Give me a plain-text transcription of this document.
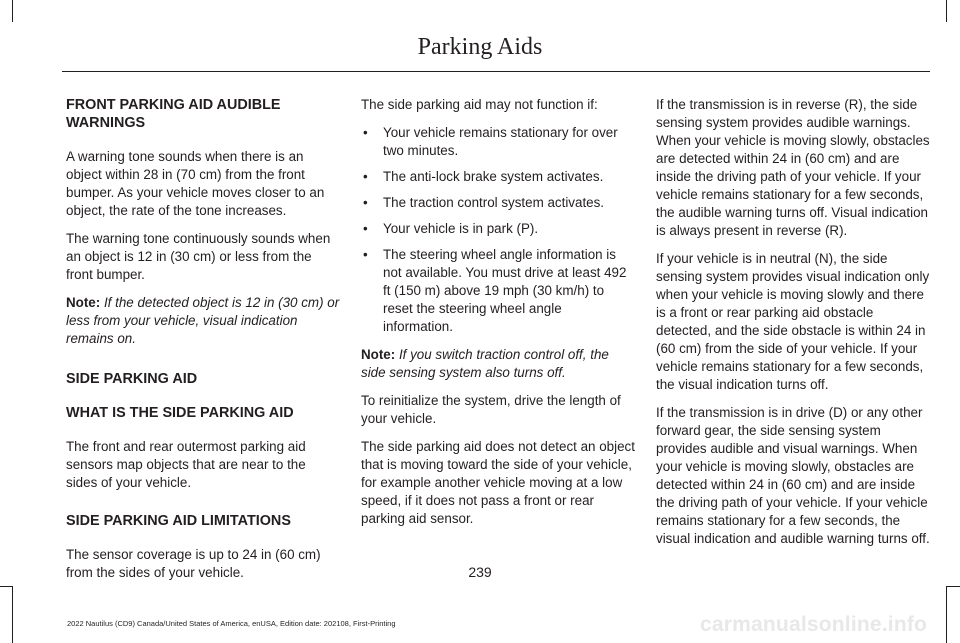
Parking Aids
FRONT PARKING AID AUDIBLE WARNINGS

A warning tone sounds when there is an object within 28 in (70 cm) from the front bumper. As your vehicle moves closer to an object, the rate of the tone increases.

The warning tone continuously sounds when an object is 12 in (30 cm) or less from the front bumper.

Note: If the detected object is 12 in (30 cm) or less from your vehicle, visual indication remains on.

SIDE PARKING AID
WHAT IS THE SIDE PARKING AID

The front and rear outermost parking aid sensors map objects that are near to the sides of your vehicle.

SIDE PARKING AID LIMITATIONS

The sensor coverage is up to 24 in (60 cm) from the sides of your vehicle.

The side parking aid may not function if:

• Your vehicle remains stationary for over two minutes.
• The anti-lock brake system activates.
• The traction control system activates.
• Your vehicle is in park (P).
• The steering wheel angle information is not available. You must drive at least 492 ft (150 m) above 19 mph (30 km/h) to reset the steering wheel angle information.

Note: If you switch traction control off, the side sensing system also turns off.

To reinitialize the system, drive the length of your vehicle.

The side parking aid does not detect an object that is moving toward the side of your vehicle, for example another vehicle moving at a low speed, if it does not pass a front or rear parking aid sensor.

If the transmission is in reverse (R), the side sensing system provides audible warnings. When your vehicle is moving slowly, obstacles are detected within 24 in (60 cm) and are inside the driving path of your vehicle. If your vehicle remains stationary for a few seconds, the audible warning turns off. Visual indication is always present in reverse (R).

If your vehicle is in neutral (N), the side sensing system provides visual indication only when your vehicle is moving slowly and there is a front or rear parking aid obstacle detected, and the side obstacle is within 24 in (60 cm) from the side of your vehicle. If your vehicle remains stationary for a few seconds, the visual indication turns off.

If the transmission is in drive (D) or any other forward gear, the side sensing system provides audible and visual warnings. When your vehicle is moving slowly, obstacles are detected within 24 in (60 cm) and are inside the driving path of your vehicle. If your vehicle remains stationary for a few seconds, the visual indication and audible warning turns off.

239
2022 Nautilus (CD9) Canada/United States of America, enUSA, Edition date: 202108, First-Printing	carmanualsonline.info
